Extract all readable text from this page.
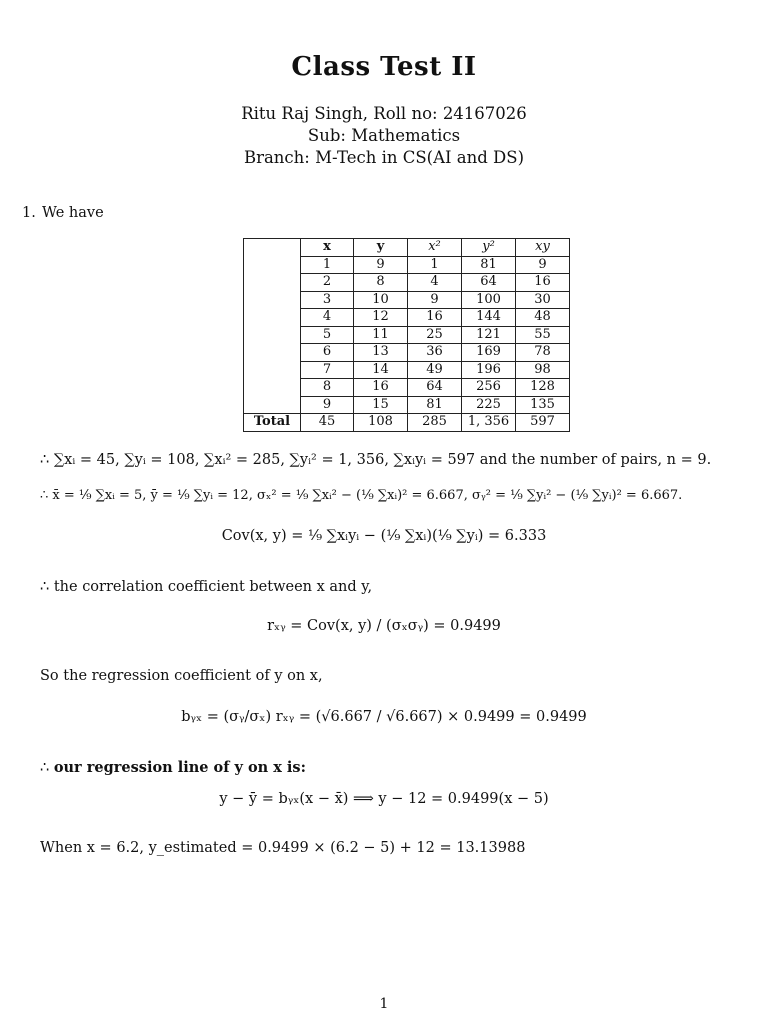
Class Test II
Ritu Raj Singh, Roll no: 24167026
Sub: Mathematics
Branch: M-Tech in CS(AI and DS)
1. We have
	x	y	x²	y²	xy
	1	9	1	81	9
	2	8	4	64	16
	3	10	9	100	30
	4	12	16	144	48
	5	11	25	121	55
	6	13	36	169	78
	7	14	49	196	98
	8	16	64	256	128
	9	15	81	225	135
Total	45	108	285	1, 356	597
∴ ∑xᵢ = 45, ∑yᵢ = 108, ∑xᵢ² = 285, ∑yᵢ² = 1, 356, ∑xᵢyᵢ = 597 and the number of pairs, n = 9.
∴ x̄ = ¹⁄₉ ∑xᵢ = 5, ȳ = ¹⁄₉ ∑yᵢ = 12, σₓ² = ¹⁄₉ ∑xᵢ² − (¹⁄₉ ∑xᵢ)² = 6.667, σᵧ² = ¹⁄₉ ∑yᵢ² − (¹⁄₉ ∑yᵢ)² = 6.667.
Cov(x, y) = ¹⁄₉ ∑xᵢyᵢ − (¹⁄₉ ∑xᵢ)(¹⁄₉ ∑yᵢ) = 6.333
∴ the correlation coefficient between x and y,
rₓᵧ = Cov(x, y) / (σₓσᵧ) = 0.9499
So the regression coefficient of y on x,
bᵧₓ = (σᵧ/σₓ) rₓᵧ = (√6.667 / √6.667) × 0.9499 = 0.9499
∴ our regression line of y on x is:
y − ȳ = bᵧₓ(x − x̄) ⟹ y − 12 = 0.9499(x − 5)
When x = 6.2, y_estimated = 0.9499 × (6.2 − 5) + 12 = 13.13988
1
